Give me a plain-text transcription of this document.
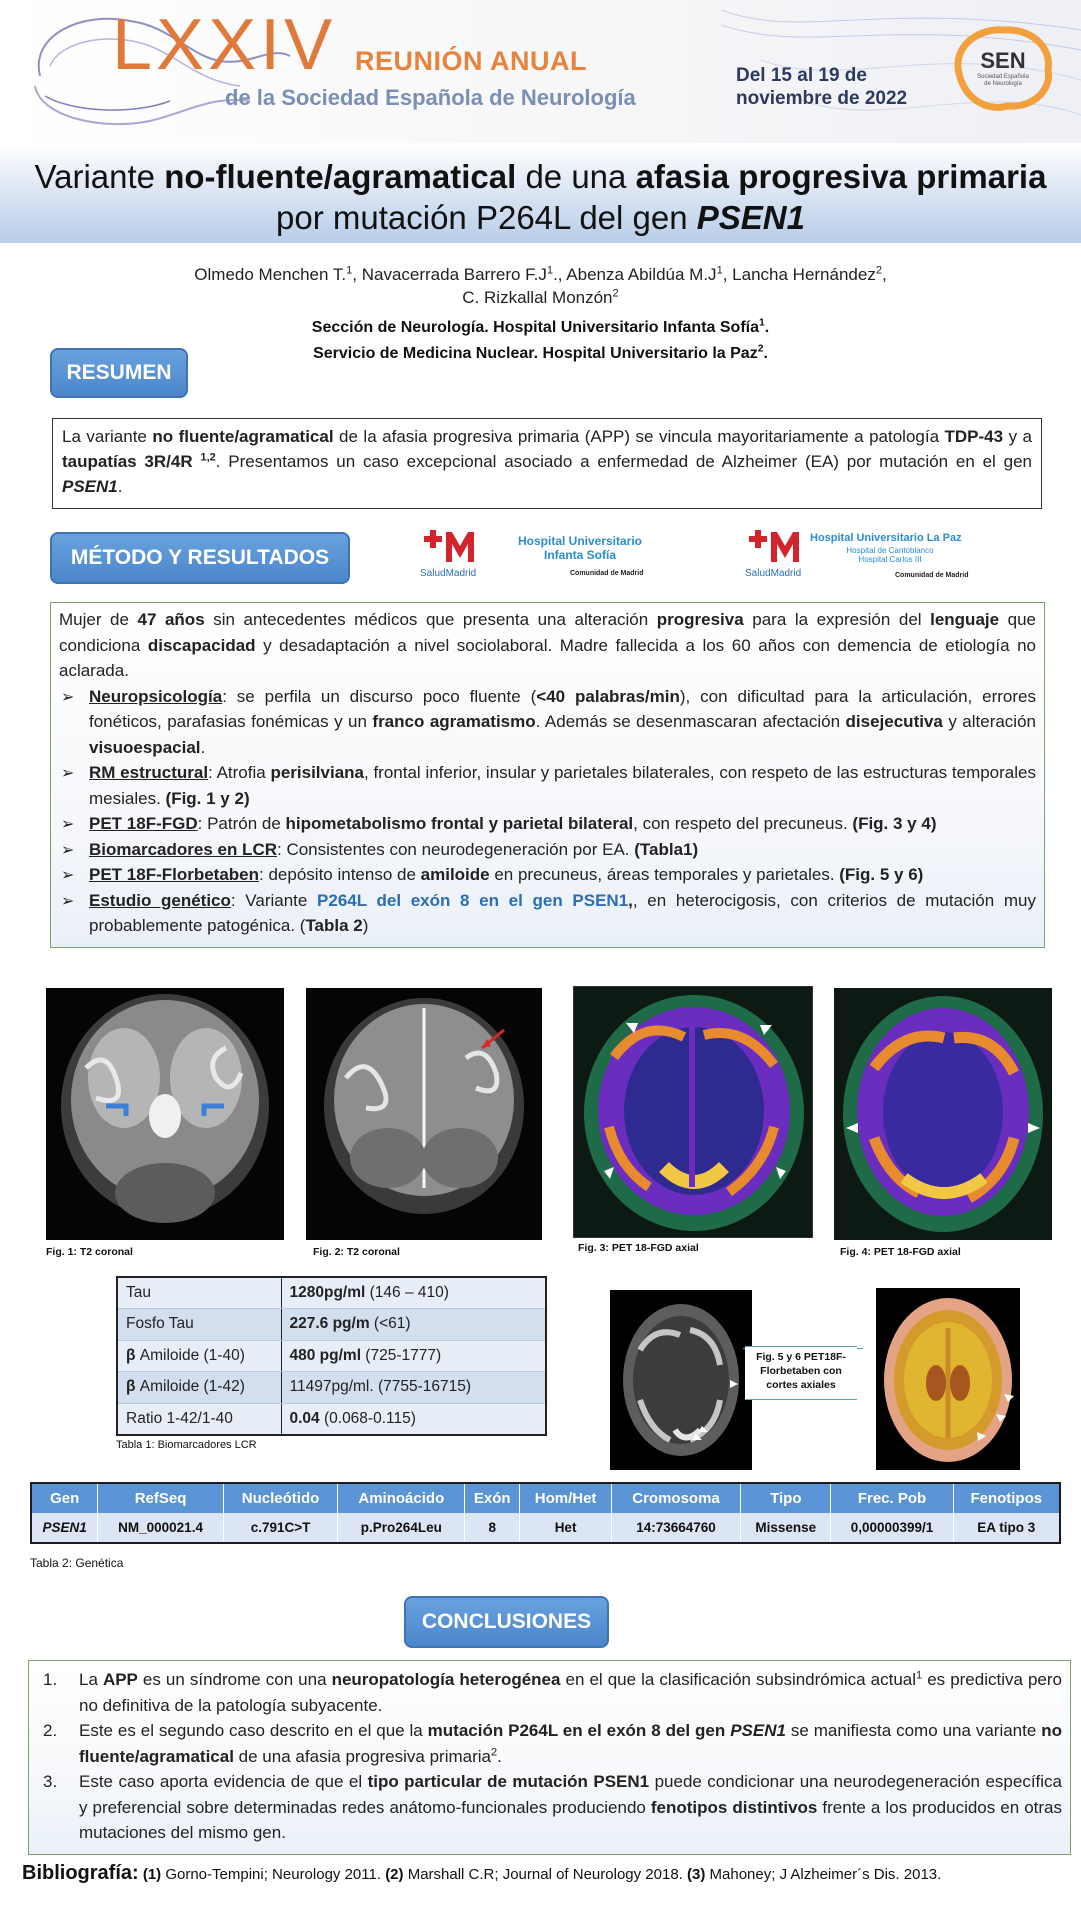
LXXIV REUNIÓN ANUAL
de la Sociedad Española de Neurología
Del 15 al 19 de
noviembre de 2022
SEN
Sociedad Española
de Neurología
Variante no-fluente/agramatical de una afasia progresiva primaria
por mutación P264L del gen PSEN1
Olmedo Menchen T.$^1$, Navacerrada Barrero $F.J^1$., Abenza Abildúa $M.J^1$, Lancha Hernández$^2$,
C. Rizkallal Monzón$^2$
Sección de Neurología. Hospital Universitario Infanta Sofía$^1$.
Servicio de Medicina Nuclear. Hospital Universitario la Paz$^2$.
RESUMEN
La variante no fluente/agramatical de la afasia progresiva primaria (APP) se vincula mayoritariamente a patología TDP-43 y a taupatías 3R/4R $^{1,2}$. Presentamos un caso excepcional asociado a enfermedad de Alzheimer (EA) por mutación en el gen PSEN1.
MÉTODO Y RESULTADOS
SaludMadrid
Hospital Universitario
Infanta Sofía
Comunidad de Madrid	SaludMadrid
Hospital Universitario La Paz
Hospital de Cantoblanco
Hospital Carlos III
Comunidad de Madrid
Mujer de 47 años sin antecedentes médicos que presenta una alteración progresiva para la expresión del lenguaje que condiciona discapacidad y desadaptación a nivel sociolaboral. Madre fallecida a los 60 años con demencia de etiología no aclarada.
➢ Neuropsicología: se perfila un discurso poco fluente (<40 palabras/min), con dificultad para la articulación, errores fonéticos, parafasias fonémicas y un franco agramatismo. Además se desenmascaran afectación disejecutiva y alteración visuoespacial.
➢ RM estructural: Atrofia perisilviana, frontal inferior, insular y parietales bilaterales, con respeto de las estructuras temporales mesiales. (Fig. 1 y 2)
➢ PET 18F-FGD: Patrón de hipometabolismo frontal y parietal bilateral, con respeto del precuneus. (Fig. 3 y 4)
➢ Biomarcadores en LCR: Consistentes con neurodegeneración por EA. (Tabla1)
➢ PET 18F-Florbetaben: depósito intenso de amiloide en precuneus, áreas temporales y parietales. (Fig. 5 y 6)
➢ Estudio genético: Variante P264L del exón 8 en el gen PSEN1,, en heterocigosis, con criterios de mutación muy probablemente patogénica. (Tabla 2)
Fig. 1: T2 coronal	Fig. 2: T2 coronal	Fig. 3: PET 18-FGD axial	Fig. 4: PET 18-FGD axial
Tau	1280pg/ml (146 – 410)
Fosfo Tau	227.6 pg/m (<61)
β Amiloide (1-40)	480 pg/ml (725-1777)
β Amiloide (1-42)	11497pg/ml. (7755-16715)
Ratio 1-42/1-40	0.04 (0.068-0.115)
Tabla 1: Biomarcadores LCR
Fig. 5 y 6 PET18F-Florbetaben con cortes axiales
Gen	RefSeq	Nucleótido	Aminoácido	Exón	Hom/Het	Cromosoma	Tipo	Frec. Pob	Fenotipos
PSEN1	NM_000021.4	c.791C>T	p.Pro264Leu	8	Het	14:73664760	Missense	0,00000399/1	EA tipo 3
Tabla 2: Genética
CONCLUSIONES
1. La APP es un síndrome con una neuropatología heterogénea en el que la clasificación subsindrómica actual$^1$ es predictiva pero no definitiva de la patología subyacente.
2. Este es el segundo caso descrito en el que la mutación P264L en el exón 8 del gen PSEN1 se manifiesta como una variante no fluente/agramatical de una afasia progresiva primaria$^2$.
3. Este caso aporta evidencia de que el tipo particular de mutación PSEN1 puede condicionar una neurodegeneración específica y preferencial sobre determinadas redes anátomo-funcionales produciendo fenotipos distintivos frente a los producidos en otras mutaciones del mismo gen.
Bibliografía: (1) Gorno-Tempini; Neurology 2011. (2) Marshall C.R; Journal of Neurology 2018. (3) Mahoney; J Alzheimer´s Dis. 2013.
